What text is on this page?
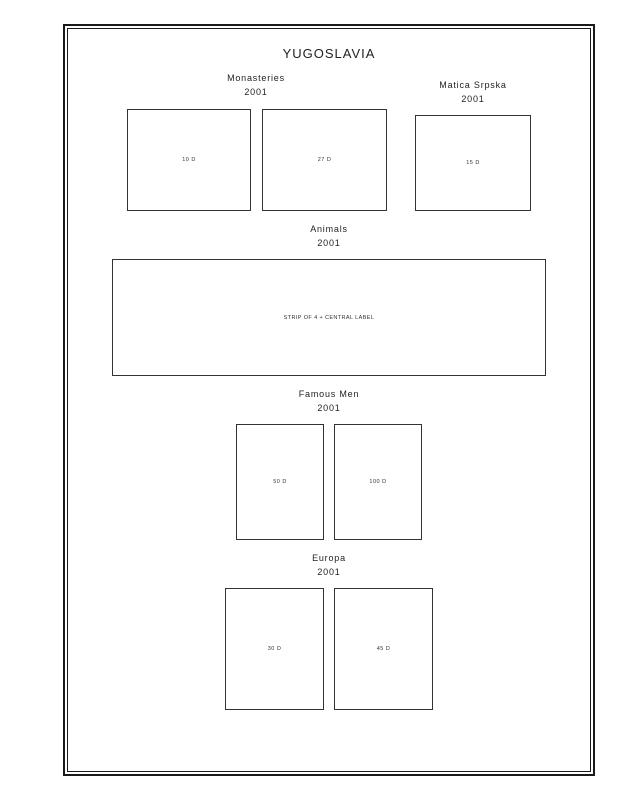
YUGOSLAVIA
Monasteries
2001
10 D	27 D
Matica Srpska
2001
15 D
Animals
2001
STRIP OF 4 + CENTRAL LABEL
Famous Men
2001
50 D	100 D
Europa
2001
30 D	45 D
